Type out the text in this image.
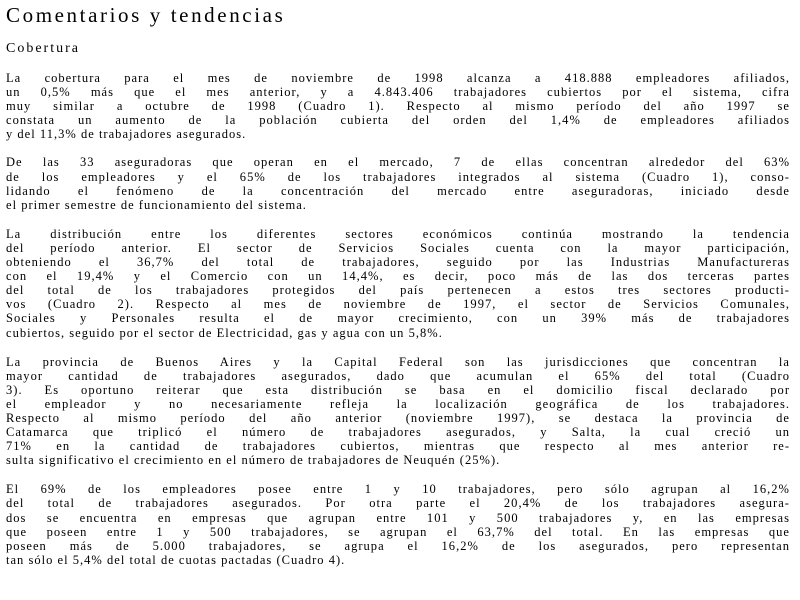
Comentarios y tendencias
Cobertura
La cobertura para el mes de noviembre de 1998 alcanza a 418.888 empleadores afiliados,
un 0,5% más que el mes anterior, y a 4.843.406 trabajadores cubiertos por el sistema, cifra
muy similar a octubre de 1998 (Cuadro 1). Respecto al mismo período del año 1997 se
constata un aumento de la población cubierta del orden del 1,4% de empleadores afiliados
y del 11,3% de trabajadores asegurados.
De las 33 aseguradoras que operan en el mercado, 7 de ellas concentran alrededor del 63%
de los empleadores y el 65% de los trabajadores integrados al sistema (Cuadro 1), conso-
lidando el fenómeno de la concentración del mercado entre aseguradoras, iniciado desde
el primer semestre de funcionamiento del sistema.
La distribución entre los diferentes sectores económicos continúa mostrando la tendencia
del período anterior. El sector de Servicios Sociales cuenta con la mayor participación,
obteniendo el 36,7% del total de trabajadores, seguido por las Industrias Manufactureras
con el 19,4% y el Comercio con un 14,4%, es decir, poco más de las dos terceras partes
del total de los trabajadores protegidos del país pertenecen a estos tres sectores producti-
vos (Cuadro 2). Respecto al mes de noviembre de 1997, el sector de Servicios Comunales,
Sociales y Personales resulta el de mayor crecimiento, con un 39% más de trabajadores
cubiertos, seguido por el sector de Electricidad, gas y agua con un 5,8%.
La provincia de Buenos Aires y la Capital Federal son las jurisdicciones que concentran la
mayor cantidad de trabajadores asegurados, dado que acumulan el 65% del total (Cuadro
3). Es oportuno reiterar que esta distribución se basa en el domicilio fiscal declarado por
el empleador y no necesariamente refleja la localización geográfica de los trabajadores.
Respecto al mismo período del año anterior (noviembre 1997), se destaca la provincia de
Catamarca que triplicó el número de trabajadores asegurados, y Salta, la cual creció un
71% en la cantidad de trabajadores cubiertos, mientras que respecto al mes anterior re-
sulta significativo el crecimiento en el número de trabajadores de Neuquén (25%).
El 69% de los empleadores posee entre 1 y 10 trabajadores, pero sólo agrupan al 16,2%
del total de trabajadores asegurados. Por otra parte el 20,4% de los trabajadores asegura-
dos se encuentra en empresas que agrupan entre 101 y 500 trabajadores y, en las empresas
que poseen entre 1 y 500 trabajadores, se agrupan el 63,7% del total. En las empresas que
poseen más de 5.000 trabajadores, se agrupa el 16,2% de los asegurados, pero representan
tan sólo el 5,4% del total de cuotas pactadas (Cuadro 4).
